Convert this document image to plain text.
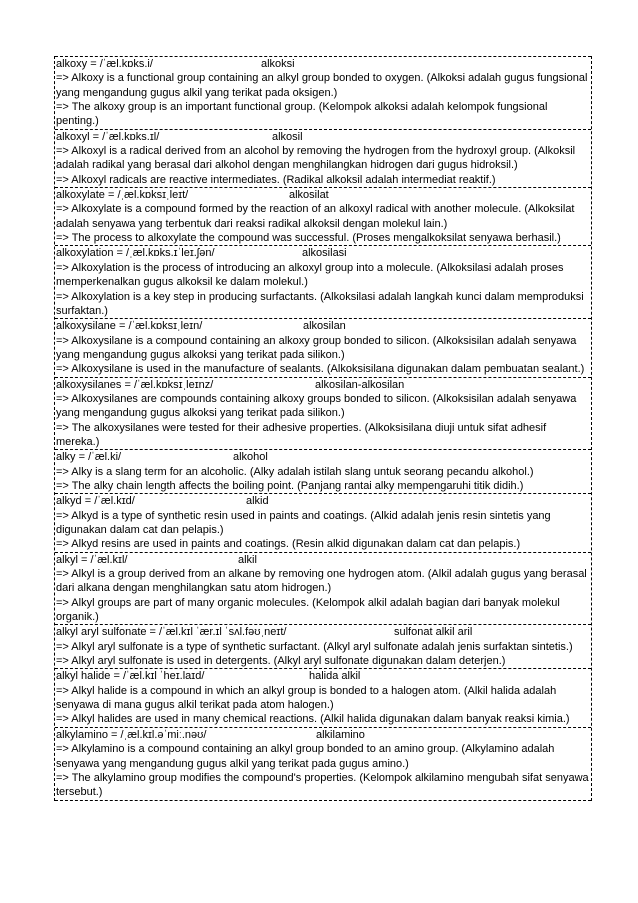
alkoxy = /ˈæl.kɒks.i/	alkoksi
=> Alkoxy is a functional group containing an alkyl group bonded to oxygen. (Alkoksi adalah gugus fungsional yang mengandung gugus alkil yang terikat pada oksigen.)
=> The alkoxy group is an important functional group. (Kelompok alkoksi adalah kelompok fungsional penting.)
alkoxyl = /ˈæl.kɒks.ɪl/	alkosil
=> Alkoxyl is a radical derived from an alcohol by removing the hydrogen from the hydroxyl group. (Alkoksil adalah radikal yang berasal dari alkohol dengan menghilangkan hidrogen dari gugus hidroksil.)
=> Alkoxyl radicals are reactive intermediates. (Radikal alkoksil adalah intermediat reaktif.)
alkoxylate = /ˌæl.kɒksɪˌleɪt/	alkosilat
=> Alkoxylate is a compound formed by the reaction of an alkoxyl radical with another molecule. (Alkoksilat adalah senyawa yang terbentuk dari reaksi radikal alkoksil dengan molekul lain.)
=> The process to alkoxylate the compound was successful. (Proses mengalkoksilat senyawa berhasil.)
alkoxylation = /ˌæl.kɒks.ɪˈleɪ.ʃən/	alkosilasi
=> Alkoxylation is the process of introducing an alkoxyl group into a molecule. (Alkoksilasi adalah proses memperkenalkan gugus alkoksil ke dalam molekul.)
=> Alkoxylation is a key step in producing surfactants. (Alkoksilasi adalah langkah kunci dalam memproduksi surfaktan.)
alkoxysilane = /ˈæl.kɒksɪˌleɪn/	alkosilan
=> Alkoxysilane is a compound containing an alkoxy group bonded to silicon. (Alkoksisilan adalah senyawa yang mengandung gugus alkoksi yang terikat pada silikon.)
=> Alkoxysilane is used in the manufacture of sealants. (Alkoksisilana digunakan dalam pembuatan sealant.)
alkoxysilanes = /ˈæl.kɒksɪˌleɪnz/	alkosilan-alkosilan
=> Alkoxysilanes are compounds containing alkoxy groups bonded to silicon. (Alkoksisilan adalah senyawa yang mengandung gugus alkoksi yang terikat pada silikon.)
=> The alkoxysilanes were tested for their adhesive properties. (Alkoksisilana diuji untuk sifat adhesif mereka.)
alky = /ˈæl.ki/	alkohol
=> Alky is a slang term for an alcoholic. (Alky adalah istilah slang untuk seorang pecandu alkohol.)
=> The alky chain length affects the boiling point. (Panjang rantai alky mempengaruhi titik didih.)
alkyd = /ˈæl.kɪd/	alkid
=> Alkyd is a type of synthetic resin used in paints and coatings. (Alkid adalah jenis resin sintetis yang digunakan dalam cat dan pelapis.)
=> Alkyd resins are used in paints and coatings. (Resin alkid digunakan dalam cat dan pelapis.)
alkyl = /ˈæl.kɪl/	alkil
=> Alkyl is a group derived from an alkane by removing one hydrogen atom. (Alkil adalah gugus yang berasal dari alkana dengan menghilangkan satu atom hidrogen.)
=> Alkyl groups are part of many organic molecules. (Kelompok alkil adalah bagian dari banyak molekul organik.)
alkyl aryl sulfonate = /ˈæl.kɪl ˈær.ɪl ˈsʌl.fəʊˌneɪt/	sulfonat alkil aril
=> Alkyl aryl sulfonate is a type of synthetic surfactant. (Alkyl aryl sulfonate adalah jenis surfaktan sintetis.)
=> Alkyl aryl sulfonate is used in detergents. (Alkyl aryl sulfonate digunakan dalam deterjen.)
alkyl halide = /ˈæl.kɪl ˈheɪ.laɪd/	halida alkil
=> Alkyl halide is a compound in which an alkyl group is bonded to a halogen atom. (Alkil halida adalah senyawa di mana gugus alkil terikat pada atom halogen.)
=> Alkyl halides are used in many chemical reactions. (Alkil halida digunakan dalam banyak reaksi kimia.)
alkylamino = /ˌæl.kɪl.əˈmiː.nəʊ/	alkilamino
=> Alkylamino is a compound containing an alkyl group bonded to an amino group. (Alkylamino adalah senyawa yang mengandung gugus alkil yang terikat pada gugus amino.)
=> The alkylamino group modifies the compound's properties. (Kelompok alkilamino mengubah sifat senyawa tersebut.)
